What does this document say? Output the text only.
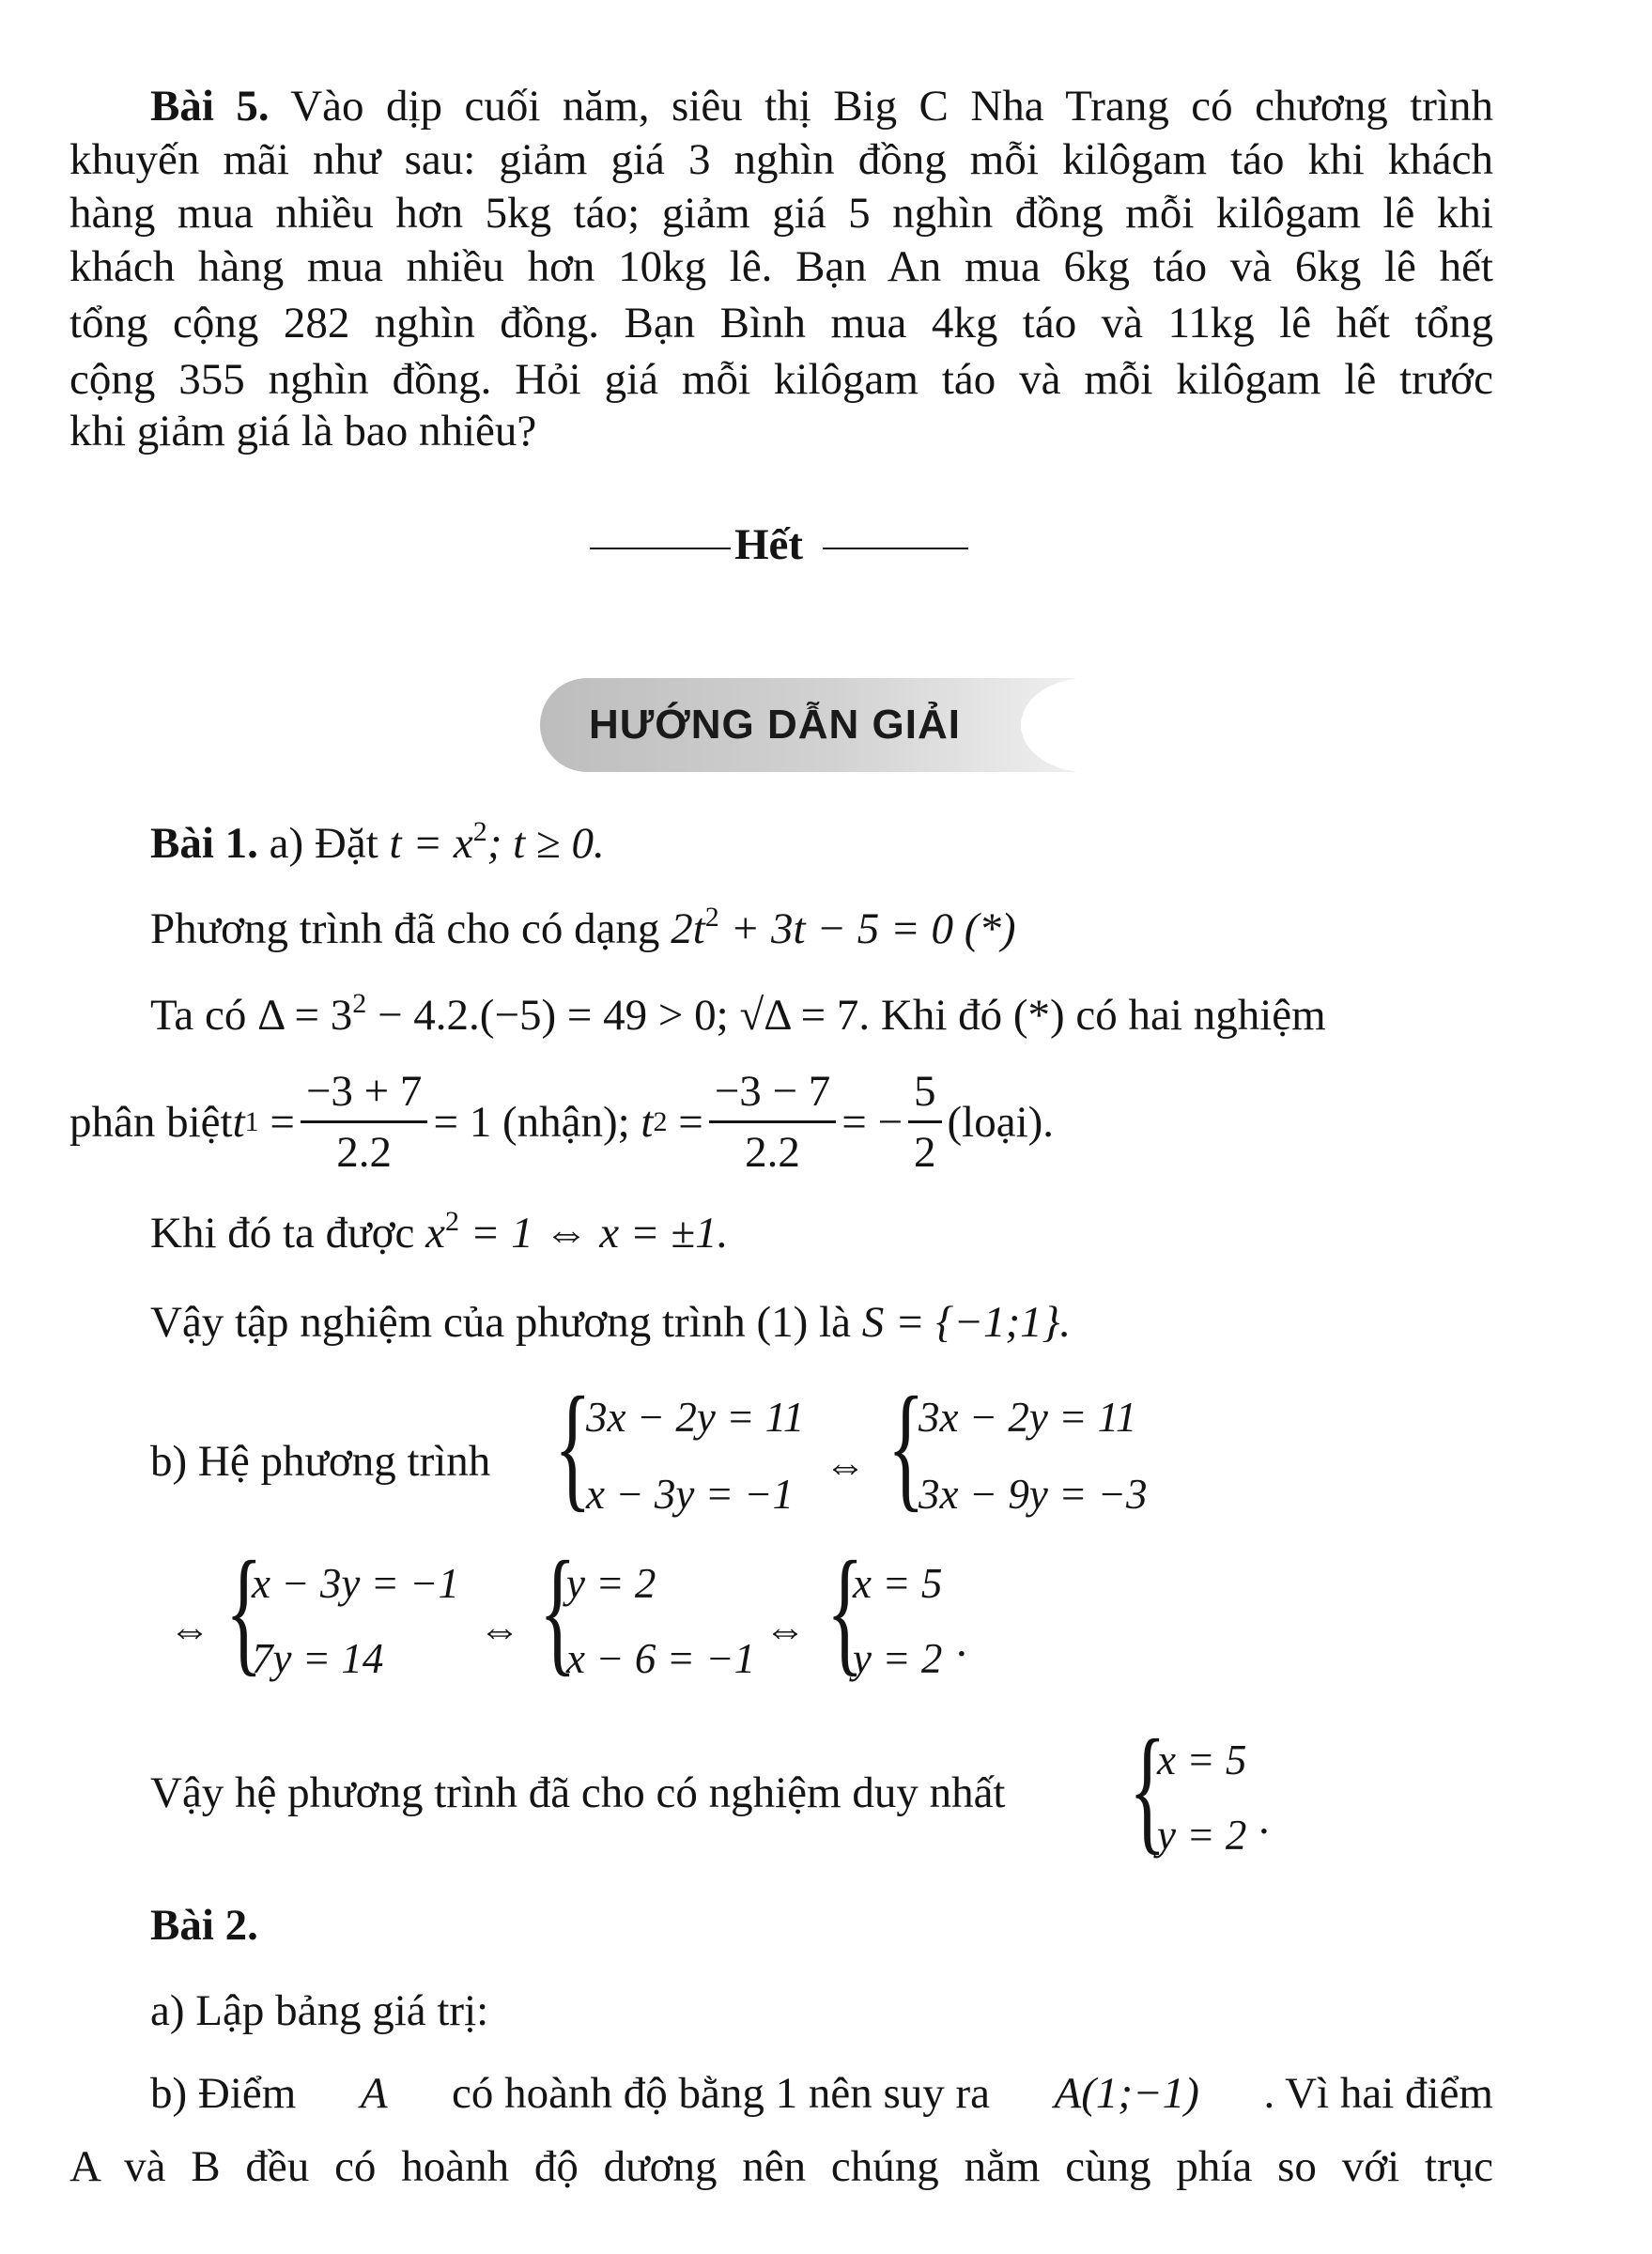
Bài 5. Vào dịp cuối năm, siêu thị Big C Nha Trang có chương trình
khuyến mãi như sau: giảm giá 3 nghìn đồng mỗi kilôgam táo khi khách
hàng mua nhiều hơn 5kg táo; giảm giá 5 nghìn đồng mỗi kilôgam lê khi
khách hàng mua nhiều hơn 10kg lê. Bạn An mua 6kg táo và 6kg lê hết
tổng cộng 282 nghìn đồng. Bạn Bình mua 4kg táo và 11kg lê hết tổng
cộng 355 nghìn đồng. Hỏi giá mỗi kilôgam táo và mỗi kilôgam lê trước
khi giảm giá là bao nhiêu?
Hết
HƯỚNG DẪN GIẢI
Bài 1. a) Đặt $t = x^2$; t ≥ 0.
Phương trình đã cho có dạng $2t^2 + 3t - 5 = 0$ (*)
Ta có $\Delta = 3^2 - 4.2.(-5) = 49 > 0$; √Δ = 7. Khi đó (*) có hai nghiệm
phân biệt t $1 = \frac{-3 + 7}{2.2} = 1$ (nhận); t $2 = \frac{-3 - 7}{2.2}$ = − $\frac{5}{2}$ (loại).
Khi đó ta được $x^2 = 1$ ⇔ x = ±1.
Vậy tập nghiệm của phương trình (1) là S = {−1;1}.
b) Hệ phương trình {
3x − 2y = 11
x − 3y = −1
⇔ {
3x − 2y = 11
3x − 9y = −3
⇔ {
x − 3y = −1
7y = 14
⇔ {
y = 2
x − 6 = −1
⇔ {
x = 5
y = 2 .
Vậy hệ phương trình đã cho có nghiệm duy nhất {
x = 5
y = 2 .
Bài 2.
a) Lập bảng giá trị:
b) Điểm A có hoành độ bằng 1 nên suy ra A(1;−1) . Vì hai điểm
A và B đều có hoành độ dương nên chúng nằm cùng phía so với trục
